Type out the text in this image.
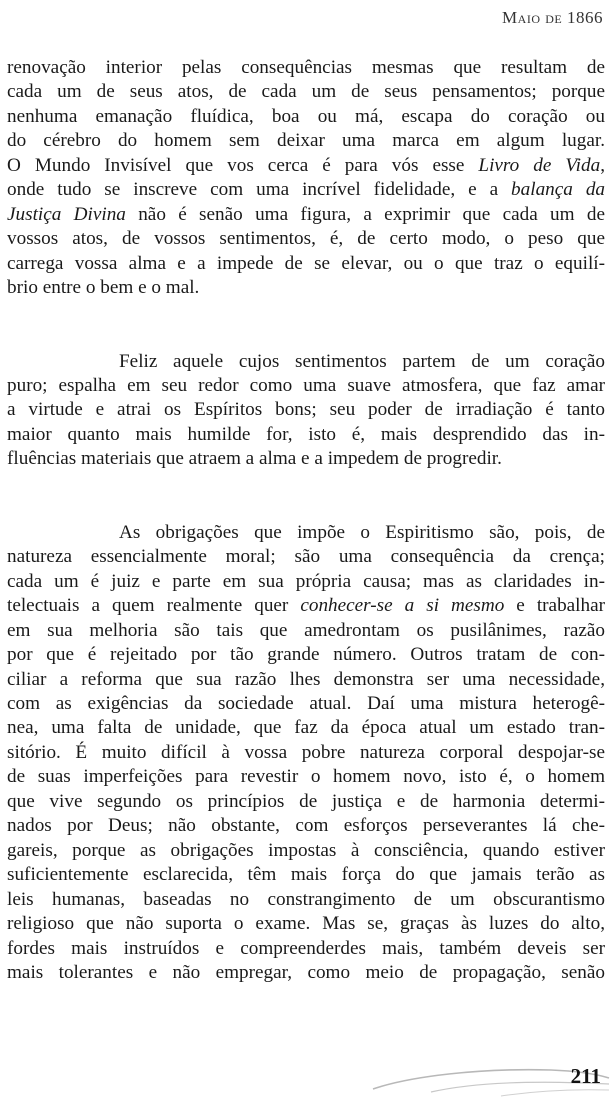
Maio de 1866
renovação interior pelas consequências mesmas que resultam de
cada um de seus atos, de cada um de seus pensamentos; porque
nenhuma emanação fluídica, boa ou má, escapa do coração ou
do cérebro do homem sem deixar uma marca em algum lugar.
O Mundo Invisível que vos cerca é para vós esse Livro de Vida,
onde tudo se inscreve com uma incrível fidelidade, e a balança da
Justiça Divina não é senão uma figura, a exprimir que cada um de
vossos atos, de vossos sentimentos, é, de certo modo, o peso que
carrega vossa alma e a impede de se elevar, ou o que traz o equilí-
brio entre o bem e o mal.
Feliz aquele cujos sentimentos partem de um coração
puro; espalha em seu redor como uma suave atmosfera, que faz amar
a virtude e atrai os Espíritos bons; seu poder de irradiação é tanto
maior quanto mais humilde for, isto é, mais desprendido das in-
fluências materiais que atraem a alma e a impedem de progredir.
As obrigações que impõe o Espiritismo são, pois, de
natureza essencialmente moral; são uma consequência da crença;
cada um é juiz e parte em sua própria causa; mas as claridades in-
telectuais a quem realmente quer conhecer-se a si mesmo e trabalhar
em sua melhoria são tais que amedrontam os pusilânimes, razão
por que é rejeitado por tão grande número. Outros tratam de con-
ciliar a reforma que sua razão lhes demonstra ser uma necessidade,
com as exigências da sociedade atual. Daí uma mistura heterogê-
nea, uma falta de unidade, que faz da época atual um estado tran-
sitório. É muito difícil à vossa pobre natureza corporal despojar-se
de suas imperfeições para revestir o homem novo, isto é, o homem
que vive segundo os princípios de justiça e de harmonia determi-
nados por Deus; não obstante, com esforços perseverantes lá che-
gareis, porque as obrigações impostas à consciência, quando estiver
suficientemente esclarecida, têm mais força do que jamais terão as
leis humanas, baseadas no constrangimento de um obscurantismo
religioso que não suporta o exame. Mas se, graças às luzes do alto,
fordes mais instruídos e compreenderdes mais, também deveis ser
mais tolerantes e não empregar, como meio de propagação, senão
211
